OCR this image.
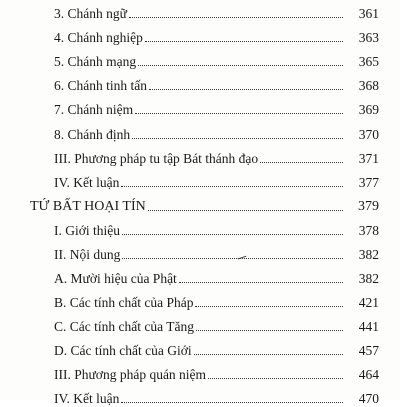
3. Chánh ngữ	361
4. Chánh nghiệp	363
5. Chánh mạng	365
6. Chánh tinh tấn	368
7. Chánh niệm	369
8. Chánh định	370
III. Phương pháp tu tập Bát thánh đạo	371
IV. Kết luận	377
TỨ BẤT HOẠI TÍN	379
I. Giới thiệu	378
II. Nội dung	382
A. Mười hiệu của Phật	382
B. Các tính chất của Pháp	421
C. Các tính chất của Tăng	441
D. Các tính chất của Giới	457
III. Phương pháp quán niệm	464
IV. Kết luận	470
